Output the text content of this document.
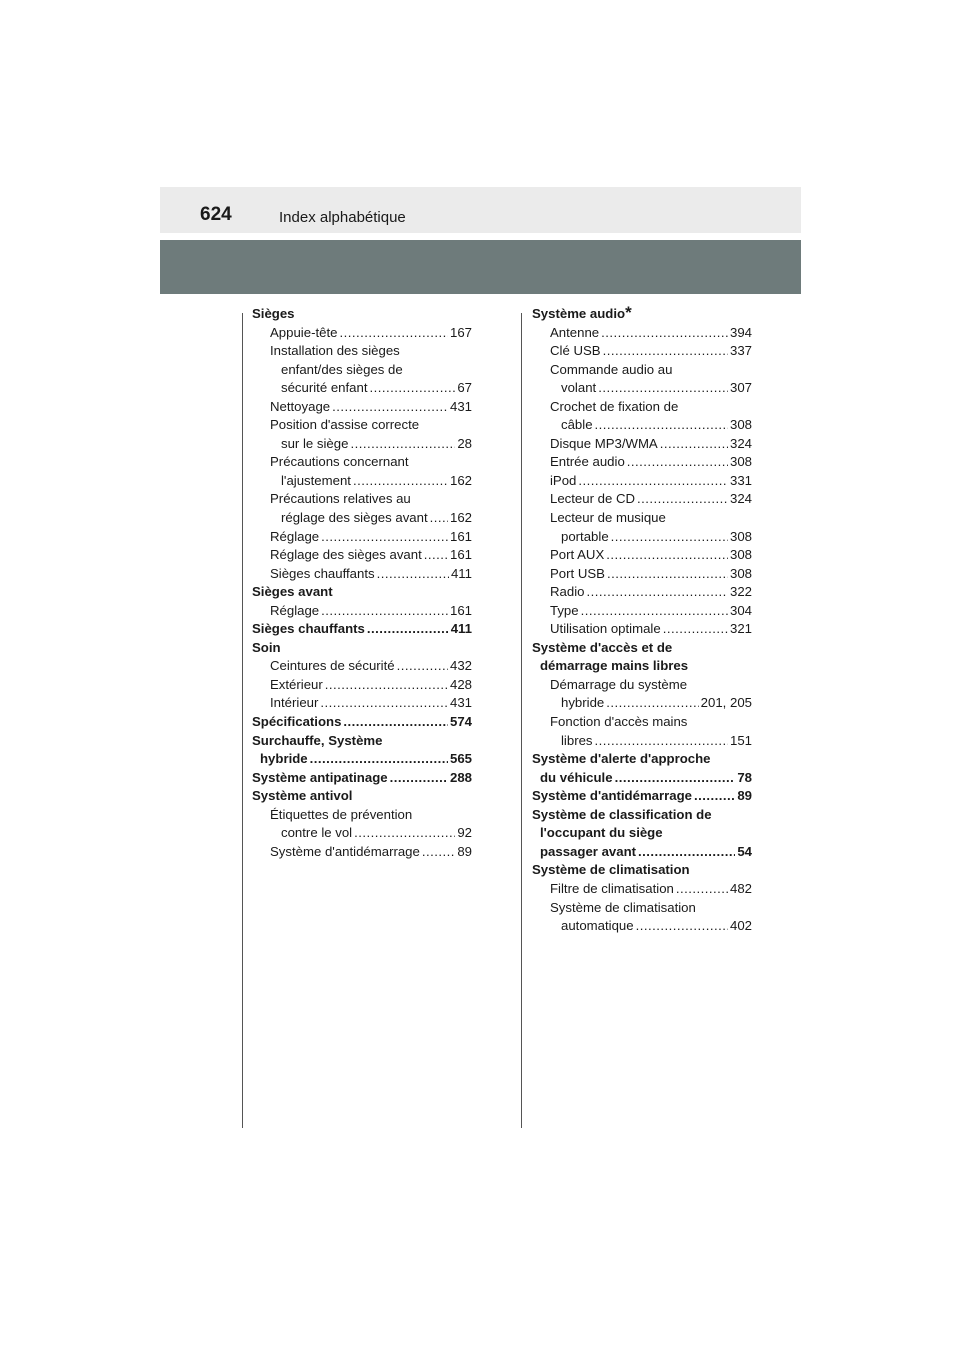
624	Index alphabétique
Sièges
Appuie-tête . . .	167
Installation des sièges
enfant/des sièges de
sécurité enfant . . .	67
Nettoyage . . .	431
Position d'assise correcte
sur le siège . . .	28
Précautions concernant
l'ajustement . . .	162
Précautions relatives au
réglage des sièges avant . . . 162
Réglage . . .	161
Réglage des sièges avant . . . 161
Sièges chauffants . . .	411
Sièges avant
Réglage . . .	161
Sièges chauffants . . .	411
Soin
Ceintures de sécurité . . .	432
Extérieur . . .	428
Intérieur . . .	431
Spécifications . . .	574
Surchauffe, Système
hybride . . .	565
Système antipatinage . . .	288
Système antivol
Étiquettes de prévention
contre le vol . . .	92
Système d'antidémarrage . . .	89
Système audio *
Antenne . . .	394
Clé USB . . .	337
Commande audio au
volant . . .	307
Crochet de fixation de
câble . . .	308
Disque MP3/WMA . . .	324
Entrée audio . . .	308
iPod . . .	331
Lecteur de CD . . .	324
Lecteur de musique
portable . . .	308
Port AUX . . .	308
Port USB . . .	308
Radio . . .	322
Type . . .	304
Utilisation optimale . . .	321
Système d'accès et de
démarrage mains libres
Démarrage du système
hybride . . .	201, 205
Fonction d'accès mains
libres . . .	151
Système d'alerte d'approche
du véhicule . . .	78
Système d'antidémarrage . . .	89
Système de classification de
l'occupant du siège
passager avant . . .	54
Système de climatisation
Filtre de climatisation . . .	482
Système de climatisation
automatique . . .	402
